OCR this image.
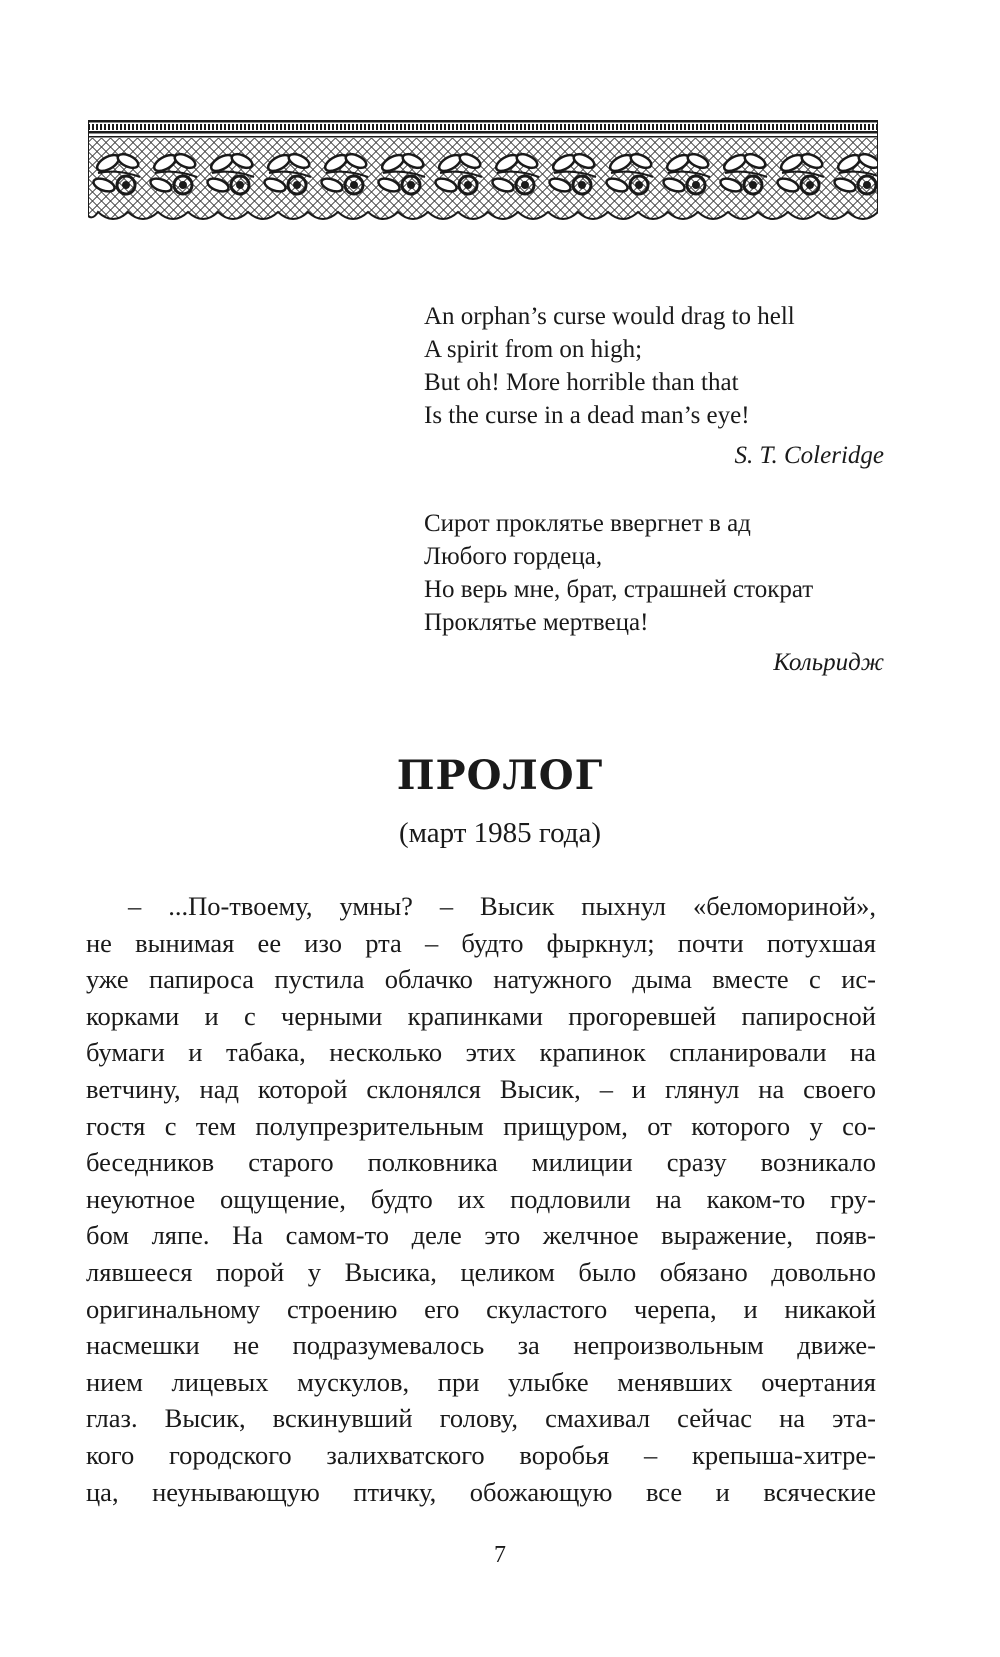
An orphan’s curse would drag to hell
A spirit from on high;
But oh! More horrible than that
Is the curse in a dead man’s eye!
S. T. Coleridge
Сирот проклятье ввергнет в ад
Любого гордеца,
Но верь мне, брат, страшней стократ
Проклятье мертвеца!
Кольридж
ПРОЛОГ
(март 1985 года)
– ...По-твоему, умны? – Высик пыхнул «беломориной»,
не вынимая ее изо рта – будто фыркнул; почти потухшая
уже папироса пустила облачко натужного дыма вместе с ис-
корками и с черными крапинками прогоревшей папиросной
бумаги и табака, несколько этих крапинок спланировали на
ветчину, над которой склонялся Высик, – и глянул на своего
гостя с тем полупрезрительным прищуром, от которого у со-
беседников старого полковника милиции сразу возникало
неуютное ощущение, будто их подловили на каком-то гру-
бом ляпе. На самом-то деле это желчное выражение, появ-
лявшееся порой у Высика, целиком было обязано довольно
оригинальному строению его скуластого черепа, и никакой
насмешки не подразумевалось за непроизвольным движе-
нием лицевых мускулов, при улыбке менявших очертания
глаз. Высик, вскинувший голову, смахивал сейчас на эта-
кого городского залихватского воробья – крепыша-хитре-
ца, неунывающую птичку, обожающую все и всяческие
7
